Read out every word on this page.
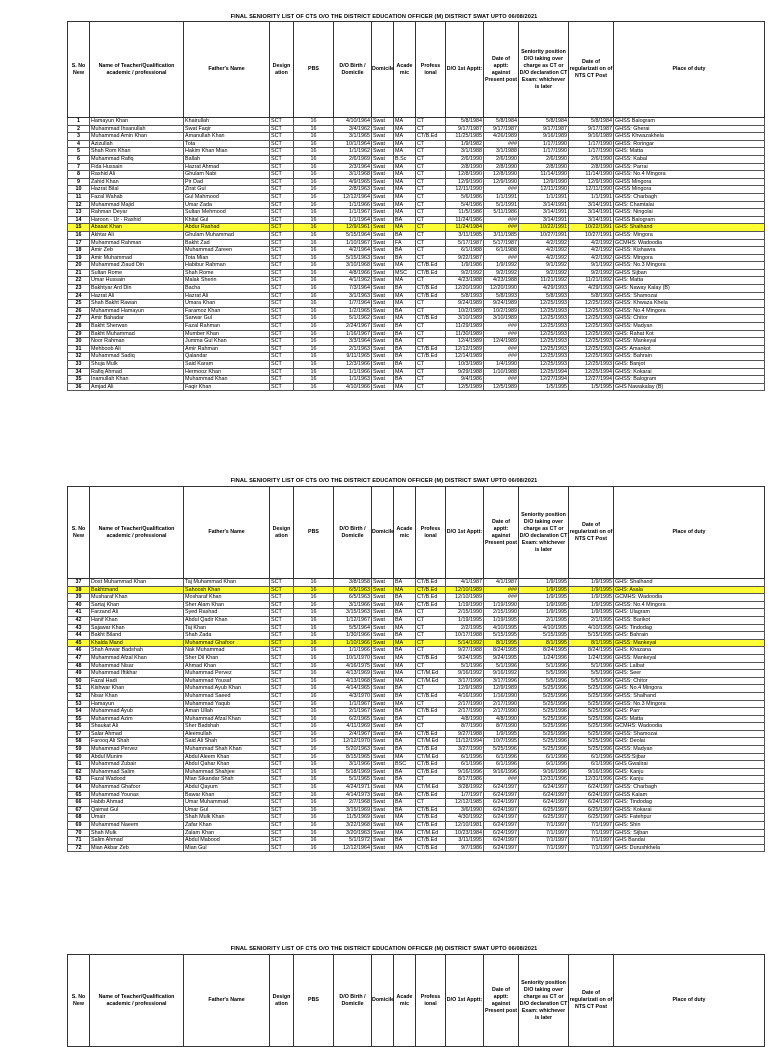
FINAL SENIORITY LIST OF CTS O/O THE DISTRICT EDUCATION OFFICER (M) DISTRICT SWAT UPTO 06/08/2021
S. No New	Name of Teacher/Qualification academic / professional	Father's Name	Design ation	PBS	D/O Birth / Domicile	Domicile	Acade mic	Profess ional	D/O 1st Apptt:	Date of apptt: against Present post	Seniority position D/O taking over charge as CT or D/O declaration CT Exam: whichever is later	Date of regularizati on of NTS CT Post	Place of duty
1	Hamayun Khan	Khairullah	SCT	16	4/10/1964	Swat	MA	CT	5/8/1984	5/8/1984	5/8/1984	5/8/1984	GHSS Balogram
2	Muhammad Ihsanullah	Swat Faqir	SCT	16	3/4/1962	Swat	MA	CT	9/17/1987	9/17/1987	9/17/1987	9/17/1987	GHSS: Gherai
3	Muhammad Amin Khan	Amanullah Khan	SCT	16	3/1/1965	Swat	MA	CT/B.Ed	11/25/1985	4/26/1989	9/16/1989	9/16/1989	GHSS Khwazakhela
4	Azizullah	Tota	SCT	16	10/1/1964	Swat	MA	CT	1/9/1982	###	1/17/1990	1/17/1990	GHSS: Roringar
5	Shah Rom Khan	Hakim Khan Mian	SCT	16	1/1/1962	Swat	MA	CT	3/1/1988	3/1/1988	1/17/1990	1/17/1990	GHS: Matta
6	Muhammad Rafiq	Ballah	SCT	16	2/6/1969	Swat	B.Sc	CT	2/6/1990	2/6/1990	2/6/1990	2/6/1990	GHSS: Kabal
7	Fida Hussain	Hazrat Ahmad	SCT	16	2/3/1964	Swat	MA	CT	2/8/1990	2/8/1990	2/8/1990	2/8/1990	GHSS: Parrai
8	Rashid Ali	Ghulam Nabi	SCT	16	3/1/1968	Swat	MA	CT	12/8/1990	12/8/1990	11/14/1990	11/14/1990	GHSS: No.4 Mingora
9	Zahid Khan	Pir Dad	SCT	16	4/9/1965	Swat	MA	CT	12/9/1990	12/9/1990	12/9/1990	12/9/1990	GHSS Mingora
10	Hazrat Bilal	Zirat Gul	SCT	16	2/8/1963	Swat	MA	CT	12/11/1990	###	12/11/1990	12/11/1990	GHSS Mingora
11	Fazal Wahab	Gul Mahmood	SCT	16	12/12/1964	Swat	MA	CT	5/6/1986	1/1/1991	1/1/1991	1/1/1991	GHSS: Charbagh
12	Muhammad Majid	Umar Zada	SCT	16	1/1/1966	Swat	MA	CT	5/4/1986	5/1/1991	3/14/1991	3/14/1991	GHS: Chamtalai
13	Rahman Deyar	Sultan Mehmood	SCT	16	1/1/1967	Swat	MA	CT	11/5/1986	5/11/1986	3/14/1991	3/14/1991	GHSS: Ningolai
14	Haroon - Ur - Rashid	Khital Gul	SCT	16	1/1/1964	Swat	BA	CT	11/24/1986	###	3/14/1991	3/14/1991	GHSS Balogram
15	Abasat Khan	Abdur Rashad	SCT	16	12/9/1961	Swat	MA	CT	11/24/1984	###	10/22/1991	10/22/1991	GHS: Shalhand
16	Akhtar Ali	Ghulam Muhammad	SCT	16	5/15/1964	Swat	BA	CT	3/11/1985	3/11/1985	10/27/1991	10/27/1991	GHSS: Mingora
17	Muhammad Rahman	Bakht Zad	SCT	16	1/10/1967	Swat	FA	CT	5/17/1987	5/17/1987	4/2/1992	4/2/1992	GCMHS: Wadoodia
18	Amir Zeb	Muhammad Zareen	SCT	16	4/2/1964	Swat	BA	CT	6/1/1988	6/1/1988	4/2/1992	4/2/1992	GHSS: Kishawra
19	Amir Muhammad	Tota Mian	SCT	16	5/15/1963	Swat	BA	CT	9/22/1987	###	4/2/1992	4/2/1992	GHSS: Mingora
20	Muhammad Ziaud Din	Habibur Rahman	SCT	16	3/10/1968	Swat	MA	CT/B.Ed	1/9/1986	1/9/1992	9/1/1992	9/1/1992	GHSS: No.3 Mingora
21	Sultan Rome	Shah Rome	SCT	16	4/8/1966	Swat	MSC	CT/B.Ed	9/2/1992	9/2/1992	9/2/1992	9/2/1992	GHSS Sijban
22	Umar Hussain	Malak Sherin	SCT	16	4/1/1962	Swat	MA	CT	4/23/1988	4/23/1988	11/21/1992	11/21/1992	GHS: Matta
23	Bakhtyar Ard Din	Bacha	SCT	16	7/3/1964	Swat	BA	CT/B.Ed	12/20/1990	12/20/1990	4/29/1993	4/29/1993	GHS: Naway Kalay (B)
24	Hazrat Ali	Hazrat Ali	SCT	16	3/1/1963	Swat	MA	CT/B.Ed	5/8/1993	5/8/1993	5/8/1993	5/8/1993	GHSS: Shamozai
25	Shah Bakht Rawan	Umara Khan	SCT	16	1/7/1964	Swat	MA	CT	9/24/1989	9/24/1989	12/25/1993	12/25/1993	GHSS: Khwaza Khela
26	Muhammad Hamayun	Faramoz Khan	SCT	16	1/2/1965	Swat	BA	CT	10/2/1989	10/2/1989	12/25/1993	12/25/1993	GHSS: No.4 Mingora
27	Amir Bahadar	Sarwar Gul	SCT	16	5/1/1962	Swat	MA	CT/B.Ed	3/10/1989	3/10/1989	12/25/1993	12/25/1993	GHSS: Chitor
28	Bakht Sherwan	Fazal Rahman	SCT	16	2/24/1967	Swat	BA	CT	11/29/1989	###	12/25/1993	12/25/1993	GHSS: Madyan
29	Bakht Muhammad	Mumber Khan	SCT	16	1/16/1967	Swat	BA	CT	11/30/1989	###	12/25/1993	12/25/1993	GHS: Rahat Kot
30	Noor Rahman	Jumma Gul Khan	SCT	16	3/3/1964	Swat	BA	CT	12/4/1989	12/4/1989	12/25/1993	12/25/1993	GHSS: Mankeyal
31	Mehboob Ali	Amir Rahman	SCT	16	2/1/1963	Swat	BA	CT/B.Ed	12/12/1989	###	12/25/1993	12/25/1993	GHS: Amankot
32	Muhammad Sadiq	Qalandar	SCT	16	9/11/1965	Swat	BA	CT/B.Ed	12/14/1989	###	12/25/1993	12/25/1993	GHSS: Bahrain
33	Shuja Mulk	Said Karam	SCT	16	12/3/1966	Swat	BA	CT	10/3/1989	1/4/1990	12/25/1993	12/25/1993	GHS: Banjot
34	Rafiq Ahmad	Hermooz Khan	SCT	16	1/1/1966	Swat	MA	CT	9/29/1988	1/10/1988	12/25/1994	12/25/1994	GHSS: Kokarai
35	Inamullah Khan	Muhammad Khan	SCT	16	1/1/1963	Swat	BA	CT	9/4/1986	###	12/27/1994	12/27/1994	GHSS: Balogram
36	Amjad Ali	Faqir Khan	SCT	16	4/10/1966	Swat	MA	CT	12/5/1989	12/5/1989	1/5/1995	1/5/1995	GHS Nawakalay (B)
FINAL SENIORITY LIST OF CTS O/O THE DISTRICT EDUCATION OFFICER (M) DISTRICT SWAT UPTO 06/08/2021
S. No New	Name of Teacher/Qualification academic / professional	Father's Name	Design ation	PBS	D/O Birth / Domicile	Domicile	Acade mic	Profess ional	D/O 1st Apptt:	Date of apptt: against Present post	Seniority position D/O taking over charge as CT or D/O declaration CT Exam: whichever is later	Date of regularizati on of NTS CT Post	Place of duty
37	Dost Muhammad Khan	Taj Muhammad Khan	SCT	16	3/8/1958	Swat	BA	CT/B.Ed	4/1/1987	4/1/1987	1/9/1995	1/9/1995	GHS: Shalhand
38	Bakhtmand	Sahoosh Khan	SCT	16	6/5/1963	Swat	MA	CT/B.Ed	12/10/1989	###	1/9/1995	1/9/1995	GHS: Asala
39	Musharaf Khan	Mosharaf Khan	SCT	16	6/5/1963	Swat	BA	CT/B.Ed	12/10/1989	###	1/9/1995	1/9/1995	GCMHS: Wadoodia
40	Sartaj Khan	Sher Alam Khan	SCT	16	3/1/1966	Swat	MA	CT/B.Ed	1/19/1990	1/19/1990	1/9/1995	1/9/1995	GHSS: No.4 Mingora
41	Farzand Ali	Syed Rashad	SCT	16	3/15/1963	Swat	BA	CT	2/15/1990	2/15/1990	1/9/1995	1/9/1995	GHS: Ulagram
42	Hanif Khan	Abdul Qadir Khan	SCT	16	1/12/1967	Swat	BA	CT	1/19/1995	1/19/1995	2/1/1995	2/1/1995	GHSS: Barikot
43	Sajawar Khan	Taj Khan	SCT	16	5/5/1964	Swat	MA	CT	2/2/1995	4/10/1995	4/10/1995	4/10/1995	GHS: Tindodag
44	Bakht Biland	Shah Zada	SCT	16	1/30/1966	Swat	BA	CT	10/17/1988	5/15/1995	5/15/1995	5/15/1995	GHS: Bahrain
45	Khalda Mand	Muhammad Ghafoor	SCT	16	1/10/1966	Swat	MA	CT	5/14/1992	8/1/1995	8/1/1995	8/1/1995	GHSS: Mankeyal
46	Shah Anwar Badshah	Nak Muhammad	SCT	16	1/1/1966	Swat	BA	CT	9/27/1988	8/24/1995	8/24/1995	8/24/1995	GHS: Khazana
47	Muhammad Afzal Khan	Sher Dil Khan	SCT	16	10/1/1970	Swat	MA	CT/B.Ed	9/24/1995	9/24/1995	1/24/1996	1/24/1996	GHSS: Mankeyal
48	Muhammad Nisar	Ahmad Khan	SCT	16	4/16/1975	Swat	MA	CT	5/1/1996	5/1/1996	5/1/1996	5/1/1996	GHS: Lalbat
49	Muhammad Iftikhar	Muhammad Pervez	SCT	16	4/13/1969	Swat	MA	CT/M.Ed	9/16/1992	9/16/1992	5/5/1996	5/5/1996	GHS: Seer
50	Fazal Hadi	Muhammad Yousaf	SCT	16	4/13/1968	Swat	MA	CT/M.Ed	3/17/1996	3/17/1996	5/5/1996	5/5/1996	GHSS: Chitor
51	Kishwar Khan	Muhammad Ayub Khan	SCT	16	4/14/1965	Swat	BA	CT	12/9/1989	12/9/1989	5/25/1996	5/25/1996	GHS: No.4 Mingora
52	Nisar Khan	Muhammad Saeed	SCT	16	4/3/1970	Swat	BA	CT/B.Ed	4/16/1990	1/16/1990	5/25/1996	5/25/1996	GHSS: Shalhand
53	Hamayun	Muhammad Yaqub	SCT	16	1/1/1967	Swat	MA	CT	2/17/1990	2/17/1990	5/25/1996	5/25/1996	GHSS: No.3 Mingora
54	Muhammad Ayub	Aman Ullah	SCT	16	2/1/1967	Swat	BA	CT/B.Ed	2/17/1990	2/17/1990	5/25/1996	5/25/1996	GHS: Parr
55	Muhammad Azim	Muhammad Afzal Khan	SCT	16	6/2/1965	Swat	BA	CT	4/8/1990	4/8/1990	5/25/1996	5/25/1996	GHS: Matta
56	Shaukat Ali	Sher Badshah	SCT	16	4/11/1969	Swat	BA	CT	8/7/1990	8/7/1990	5/25/1996	5/25/1996	GCMHS: Wadoodia
57	Salar Ahmad	Aleemullah	SCT	16	2/4/1967	Swat	BA	CT/B.Ed	9/27/1988	1/9/1995	5/25/1996	5/25/1996	GHSS: Shamozai
58	Farooq Ali Shah	Said Ali Shah	SCT	16	12/12/1970	Swat	BA	CT/M.Ed	11/12/1994	10/7/1995	5/25/1996	5/25/1996	GHS: Deolai
59	Muhammad Pervez	Muhammad Shah Khan	SCT	16	5/20/1963	Swat	BA	CT/B.Ed	3/27/1990	5/25/1996	5/25/1996	5/25/1996	GHSS: Madyan
60	Abdul Munim	Abdul Aleem Khan	SCT	16	8/15/1965	Swat	MA	CT/M.Ed	6/1/1996	6/1/1996	6/1/1996	6/1/1996	GHSS:Sijbar
61	Muhammad Zubair	Abdul Qahar Khan	SCT	16	3/1/1966	Swat	BSC	CT/B.Ed	6/1/1996	6/1/1996	6/1/1996	6/1/1996	GHS Gwalirai
62	Muhammad Salim	Muhammad Shahjee	SCT	16	5/18/1969	Swat	BA	CT/B.Ed	9/16/1996	9/16/1996	9/16/1996	9/16/1996	GHS: Kanju
63	Fazal Wadood	Mian Sikandar Shah	SCT	16	5/1/1965	Swat	BA	CT	8/17/1986	###	12/31/1996	12/31/1996	GHS: Kanju
64	Muhammad Ghafoor	Abdul Qayum	SCT	16	4/24/1971	Swat	MA	CT/M.Ed	3/28/1992	6/24/1997	6/24/1997	6/24/1997	GHSS: Charbagh
65	Muhammad Younas	Bawar Khan	SCT	16	4/14/1973	Swat	BA	CT/B.Ed	1/7/1997	6/24/1997	6/24/1997	6/24/1997	GHSS Kalam
66	Habib Ahmad	Umar Muhammad	SCT	16	2/7/1968	Swat	BA	CT	12/12/1985	6/24/1997	6/24/1997	6/24/1997	GHS: Tindodag
67	Qaimat Gul	Umar Gul	SCT	16	3/15/1969	Swat	BA	CT/B.Ed	3/6/1990	6/24/1997	6/25/1997	6/25/1997	GHSS: Kokarai
68	Umair	Shah Mulk Khan	SCT	16	11/5/1969	Swat	MA	CT/B.Ed	4/30/1992	6/24/1997	6/25/1997	6/25/1997	GHS: Fatehpur
69	Muhammad Naeem	Zafar Khan	SCT	16	3/22/1968	Swat	MA	CT/B.Ed	12/10/1981	6/24/1997	7/1/1997	7/1/1997	GHS: Shin
70	Shah Mulk	Zalam Khan	SCT	16	3/20/1963	Swat	MA	CT/M.Ed	10/23/1984	6/24/1997	7/1/1997	7/1/1997	GHSS: Sijban
71	Salim Ahmad	Abdul Mabood	SCT	16	5/1/1972	Swat	BA	CT/B.Ed	3/11/1995	6/24/1997	7/1/1997	7/1/1997	GHS Bandai
72	Mian Akbar Zeb	Mian Gul	SCT	16	12/12/1964	Swat	MA	CT/B.Ed	9/7/1986	6/24/1997	7/1/1997	7/1/1997	GHS: Durushkhela
FINAL SENIORITY LIST OF CTS O/O THE DISTRICT EDUCATION OFFICER (M) DISTRICT SWAT UPTO 06/08/2021
S. No New	Name of Teacher/Qualification academic / professional	Father's Name	Design ation	PBS	D/O Birth / Domicile	Domicile	Acade mic	Profess ional	D/O 1st Apptt:	Date of apptt: against Present post	Seniority position D/O taking over charge as CT or D/O declaration CT Exam: whichever is later	Date of regularizati on of NTS CT Post	Place of duty
